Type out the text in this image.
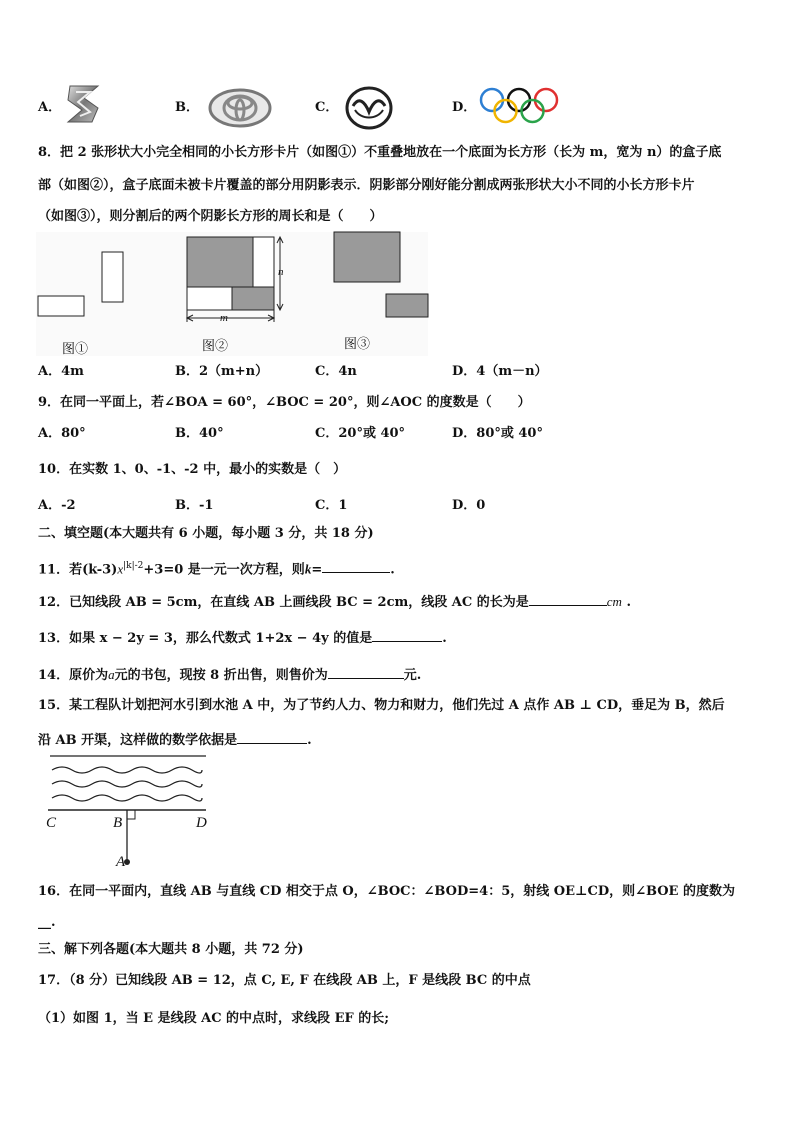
A．	B．	C．	D．
8．把 2 张形状大小完全相同的小长方形卡片（如图①）不重叠地放在一个底面为长方形（长为 m，宽为 n）的盒子底
部（如图②），盒子底面未被卡片覆盖的部分用阴影表示．阴影部分刚好能分割成两张形状大小不同的小长方形卡片
（如图③），则分割后的两个阴影长方形的周长和是（　　）
n
m
图①	图②	图③
A．4m	B．2（m+n）	C．4n	D．4（m－n）
9．在同一平面上，若∠BOA = 60°，∠BOC = 20°，则∠AOC 的度数是（　　）
A．80°	B．40°	C．20°或 40°	D．80°或 40°
10．在实数 1、0、-1、-2 中，最小的实数是（　）
A．-2	B．-1	C．1	D．0
二、填空题(本大题共有 6 小题，每小题 3 分，共 18 分)
11．若$(k-3)x^{|k|-2}+3=0$ 是一元一次方程，则k=	.
12．已知线段 AB = 5cm，在直线 AB 上画线段 BC = 2cm，线段 AC 的长为是	cm .
13．如果 x − 2y = 3，那么代数式 1+2x − 4y 的值是	.
14．原价为a元的书包，现按 8 折出售，则售价为	元.
15．某工程队计划把河水引到水池 A 中，为了节约人力、物力和财力，他们先过 A 点作 AB ⊥ CD，垂足为 B，然后
沿 AB 开渠，这样做的数学依据是	.
C	B	D
A
16．在同一平面内，直线 AB 与直线 CD 相交于点 O，∠BOC：∠BOD=4：5，射线 OE⊥CD，则∠BOE 的度数为
__.
三、解下列各题(本大题共 8 小题，共 72 分)
17．（8 分）已知线段 AB = 12，点 C, E, F 在线段 AB 上，F 是线段 BC 的中点
（1）如图 1，当 E 是线段 AC 的中点时，求线段 EF 的长;
